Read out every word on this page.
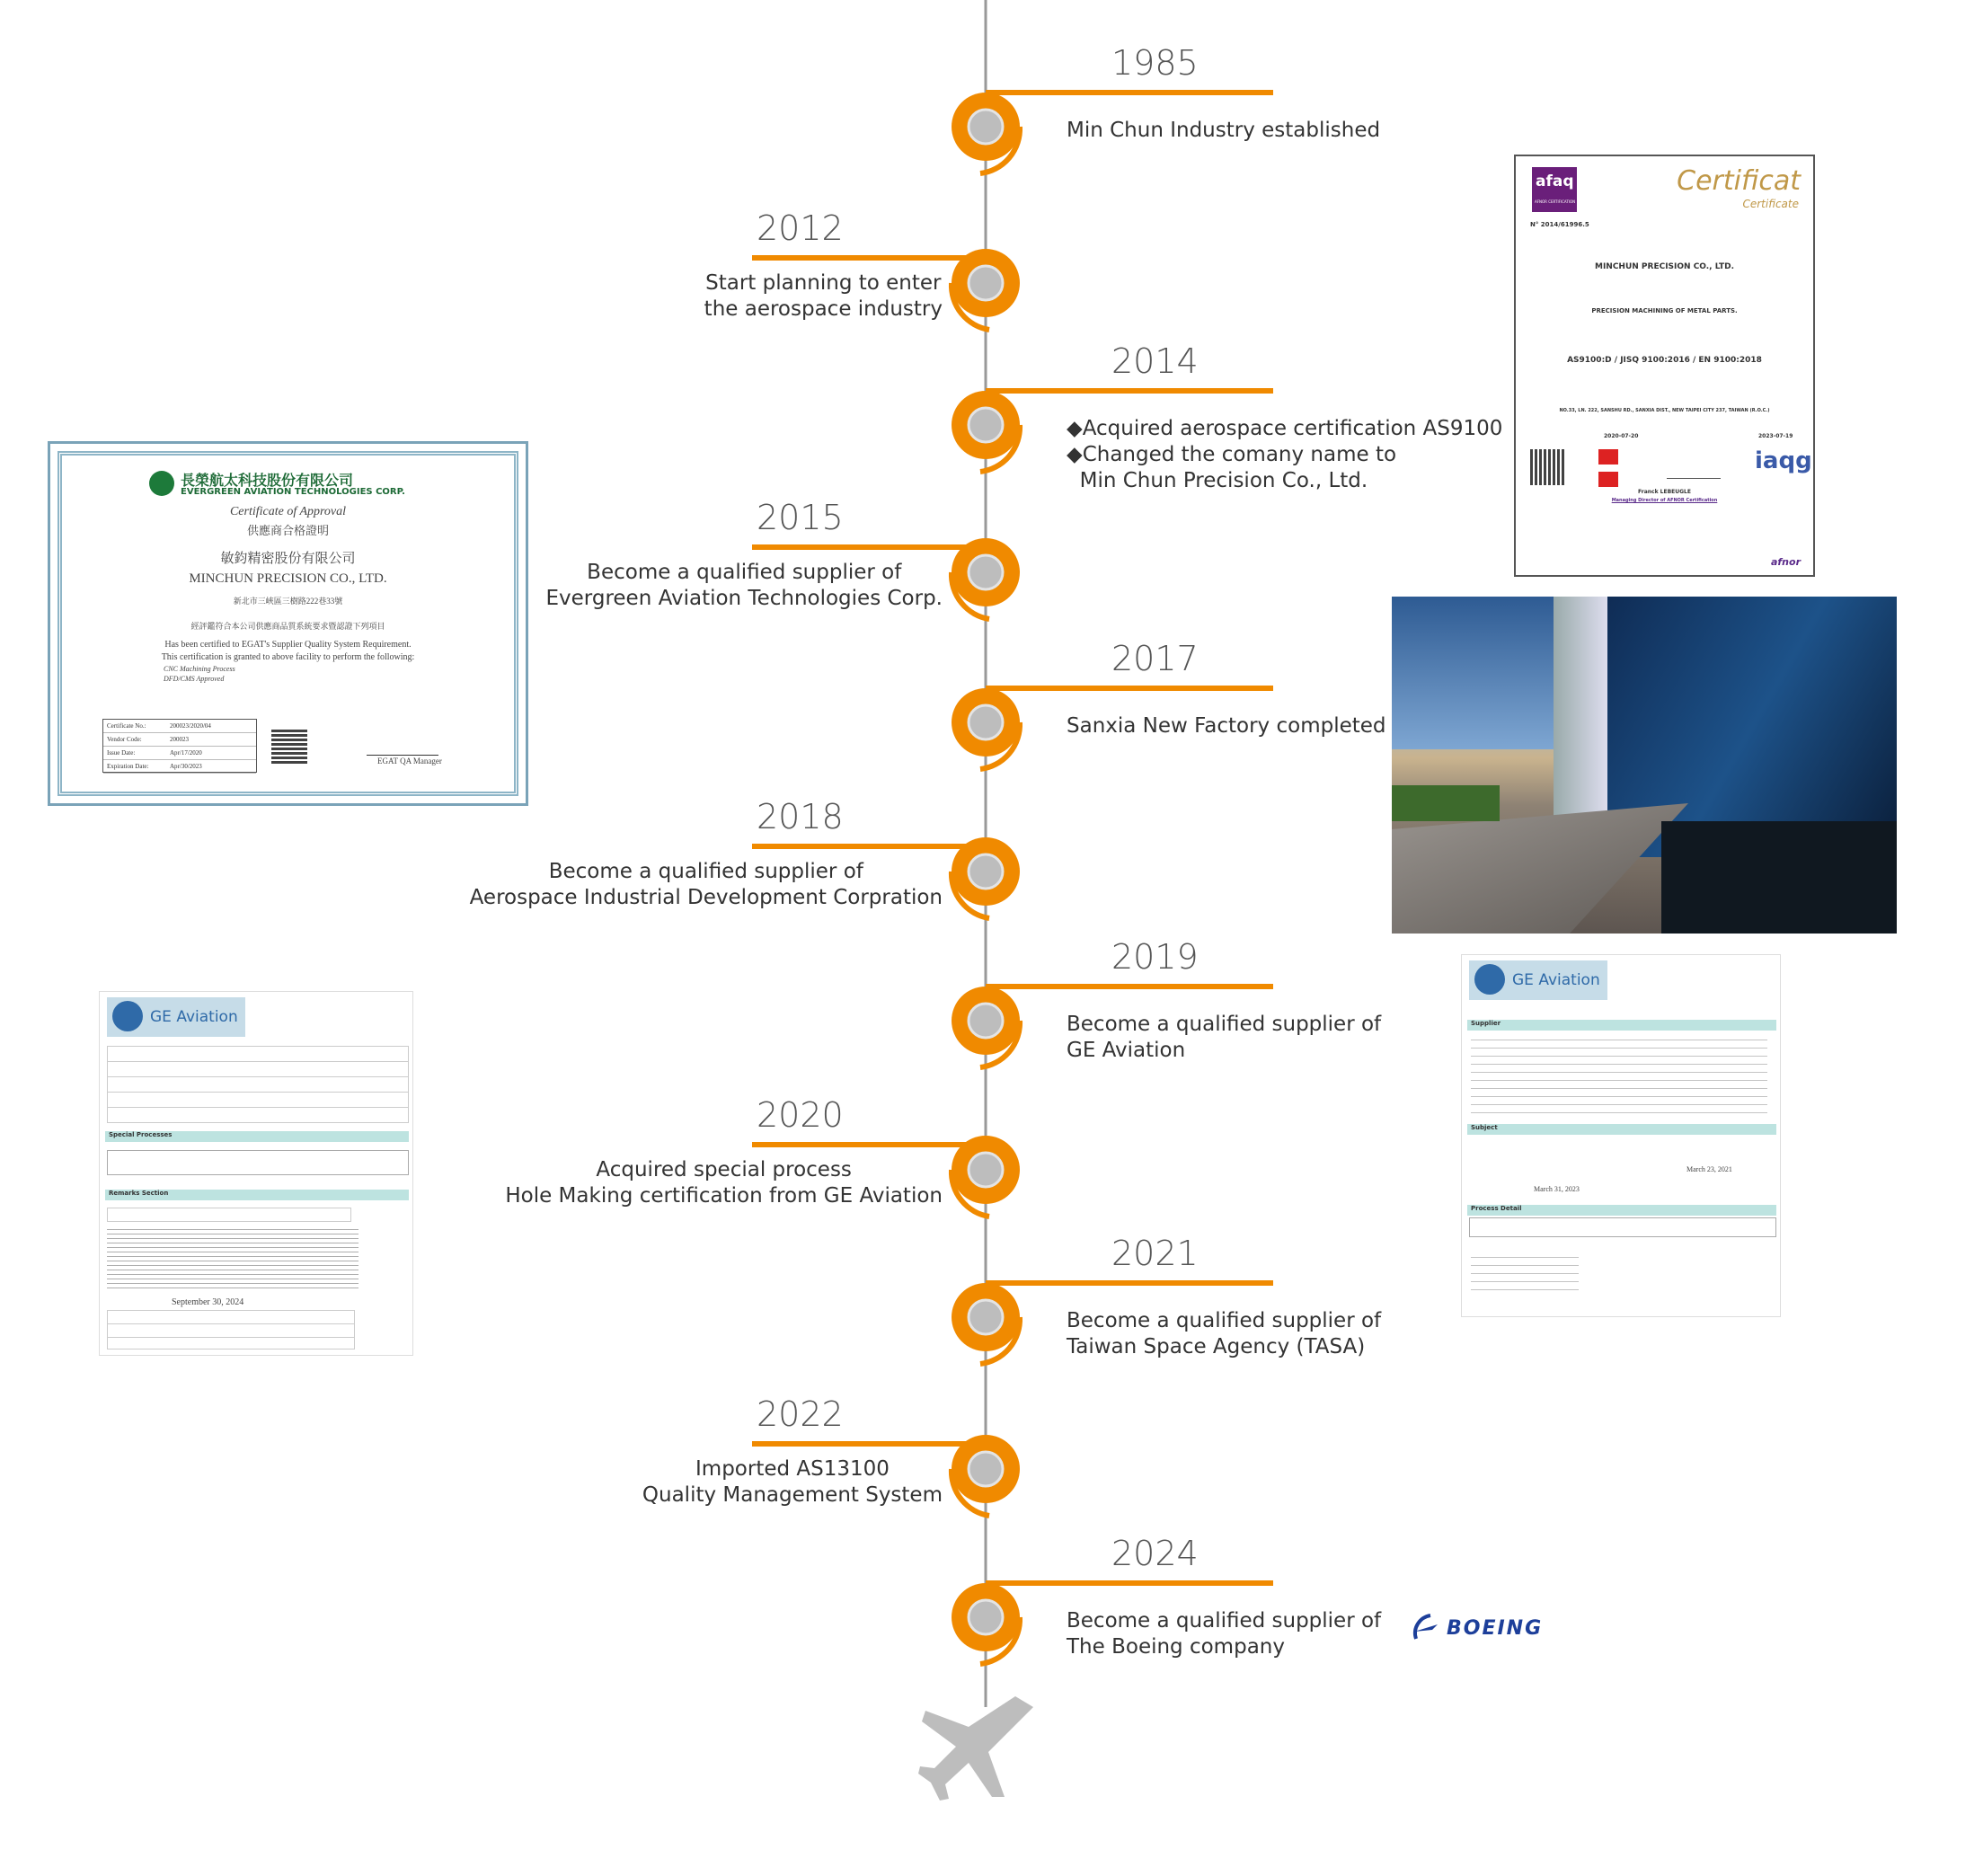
1985
Min Chun Industry established
2012
Start planning to enter
the aerospace industry
2014
◆Acquired aerospace certification AS9100
◆Changed the comany name to
Min Chun Precision Co., Ltd.
2015
Become a qualified supplier of
Evergreen Aviation Technologies Corp.
2017
Sanxia New Factory completed
2018
Become a qualified supplier of
Aerospace Industrial Development Corpration
2019
Become a qualified supplier of
GE Aviation
2020
Acquired special process
Hole Making certification from GE Aviation
2021
Become a qualified supplier of
Taiwan Space Agency (TASA)
2022
Imported AS13100
Quality Management System
2024
Become a qualified supplier of
The Boeing company
afaq
AFNOR CERTIFICATION
Certificat
Certificate
N° 2014/61996.5
MINCHUN PRECISION CO., LTD.
PRECISION MACHINING OF METAL PARTS.
AS9100:D / JISQ 9100:2016 / EN 9100:2018
NO.33, LN. 222, SANSHU RD., SANXIA DIST., NEW TAIPEI CITY 237, TAIWAN (R.O.C.)
2020-07-20	2023-07-19
Franck LEBEUGLE
Managing Director of AFNOR Certification
iaqg
afnor
長榮航太科技股份有限公司
EVERGREEN AVIATION TECHNOLOGIES CORP.
Certificate of Approval
供應商合格證明
敏鈞精密股份有限公司
MINCHUN PRECISION CO., LTD.
新北市三峽區三樹路222巷33號
經評鑑符合本公司供應商品質系統要求暨認證下列項目
Has been certified to EGAT's Supplier Quality System Requirement.
This certification is granted to above facility to perform the following:
CNC Machining Process
DFD/CMS Approved
Certificate No.:	200023/2020/04
Vendor Code:	200023
Issue Date:	Apr/17/2020
Expiration Date:	Apr/30/2023
EGAT QA Manager
GE Aviation
Special Processes
Remarks Section
September 30, 2024
GE Aviation
Supplier
Subject
March 23, 2021
March 31, 2023
Process Detail
BOEING
